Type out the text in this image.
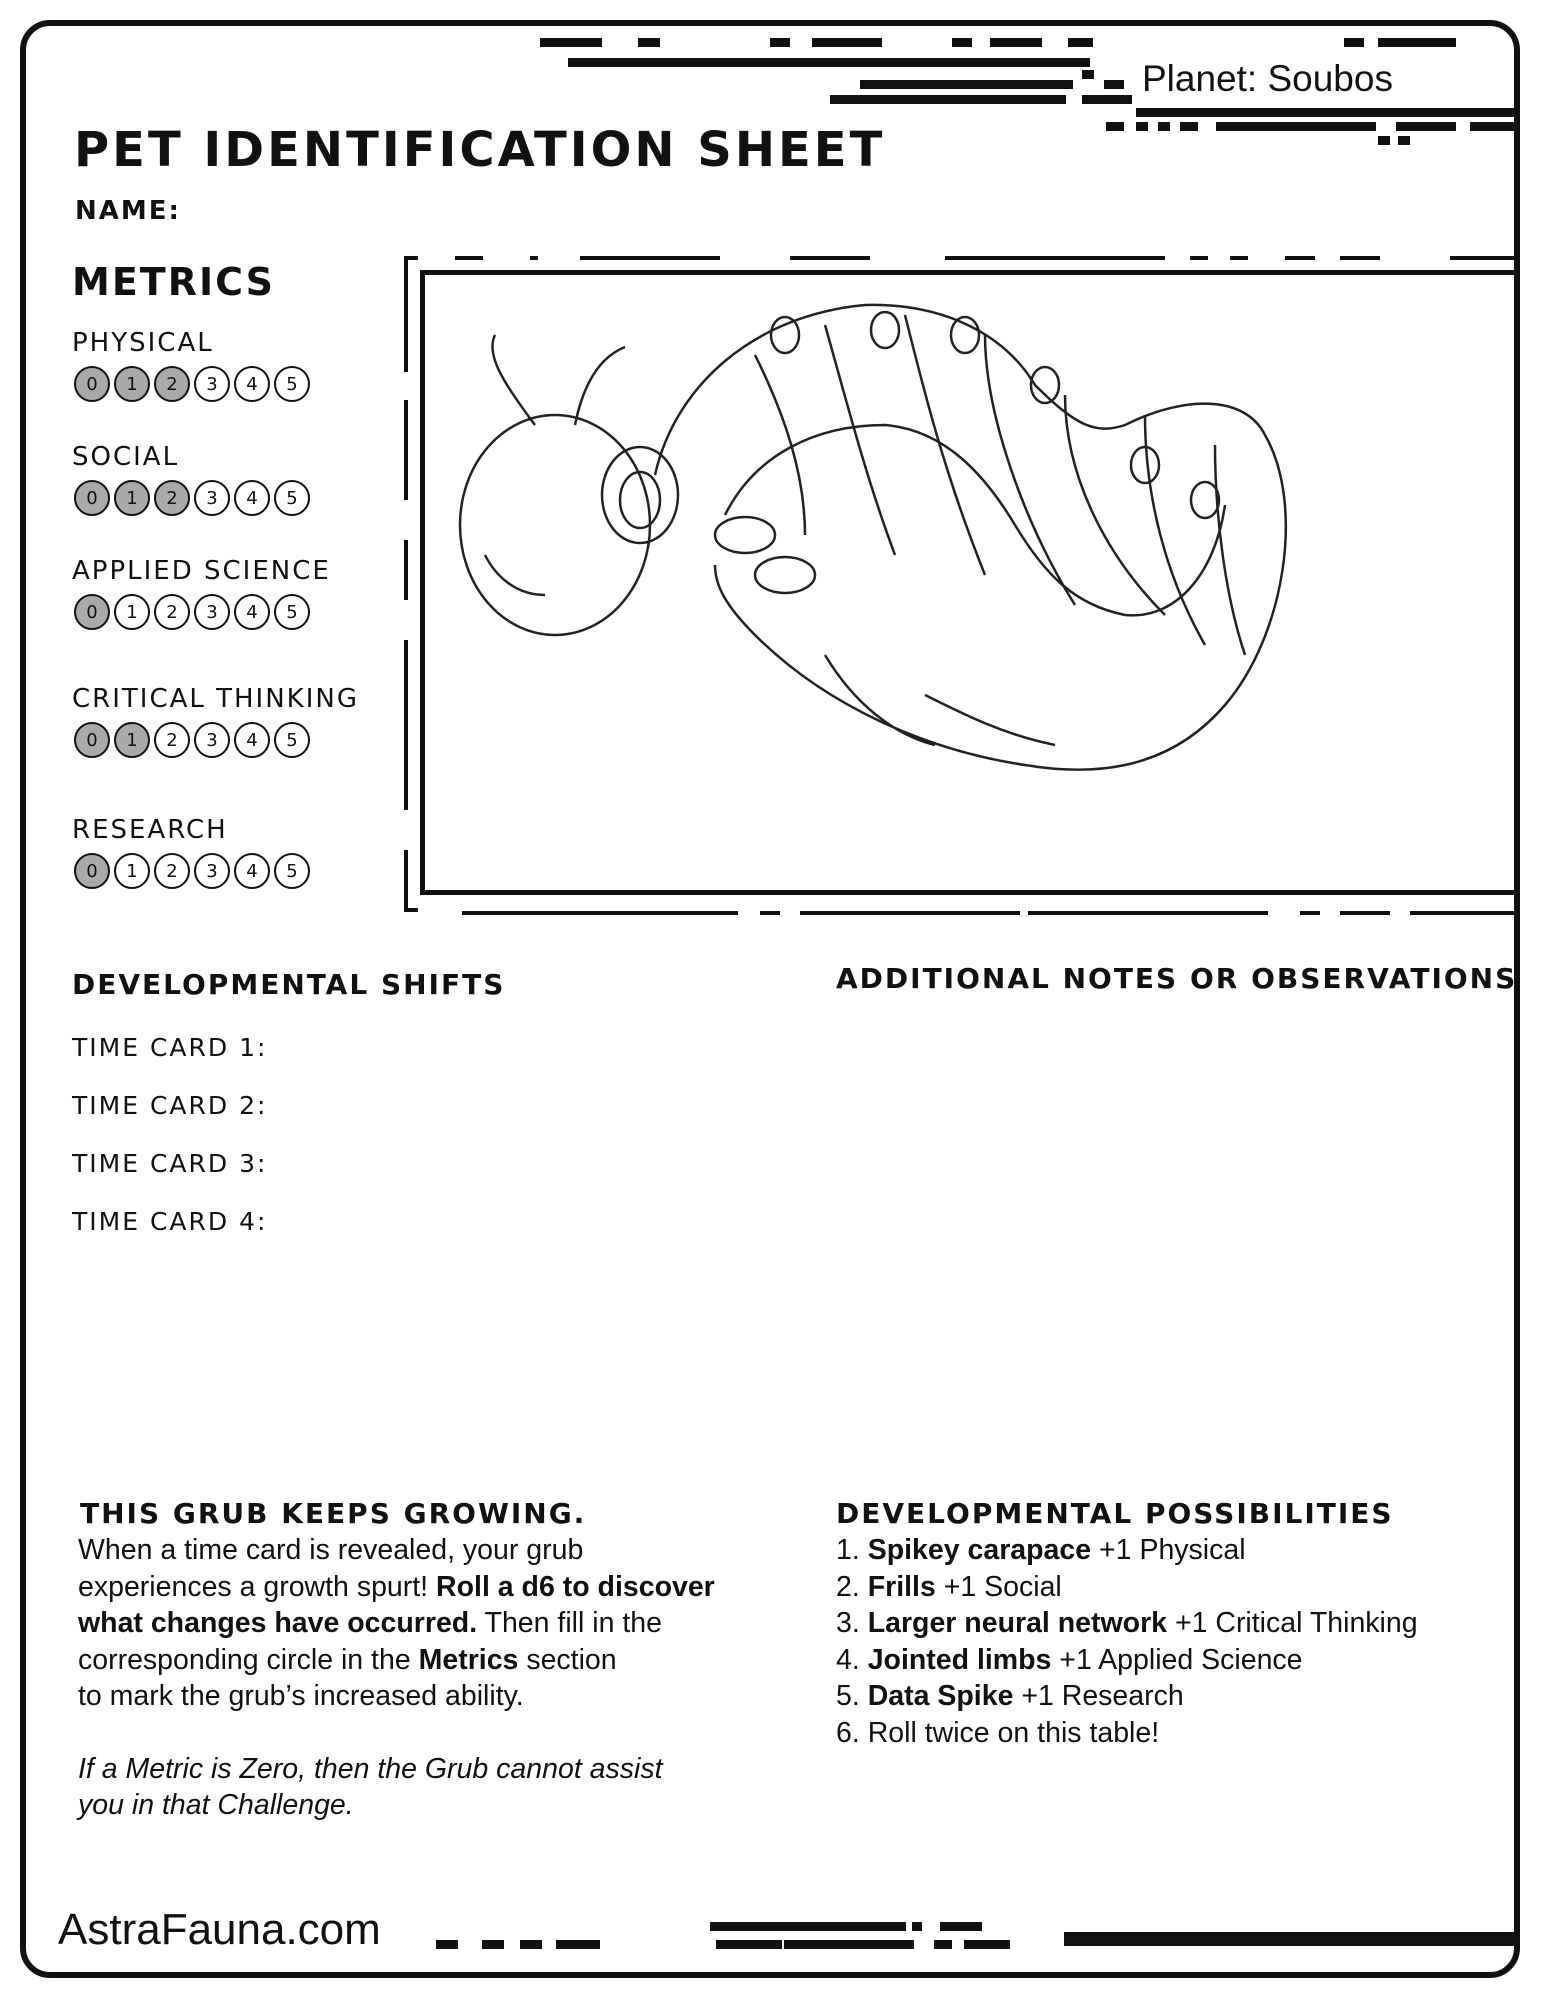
Planet: Soubos
PET IDENTIFICATION SHEET
NAME:
METRICS
PHYSICAL
0	1	2	3	4	5
SOCIAL
0	1	2	3	4	5
APPLIED SCIENCE
0	1	2	3	4	5
CRITICAL THINKING
0	1	2	3	4	5
RESEARCH
0	1	2	3	4	5
DEVELOPMENTAL SHIFTS
TIME CARD 1:
TIME CARD 2:
TIME CARD 3:
TIME CARD 4:
ADDITIONAL NOTES OR OBSERVATIONS
THIS GRUB KEEPS GROWING.
When a time card is revealed, your grub
experiences a growth spurt! Roll a d6 to discover
what changes have occurred. Then fill in the
corresponding circle in the Metrics section
to mark the grub’s increased ability.
If a Metric is Zero, then the Grub cannot assist
you in that Challenge.
DEVELOPMENTAL POSSIBILITIES
1. Spikey carapace +1 Physical
2. Frills +1 Social
3. Larger neural network +1 Critical Thinking
4. Jointed limbs +1 Applied Science
5. Data Spike +1 Research
6. Roll twice on this table!
AstraFauna.com
